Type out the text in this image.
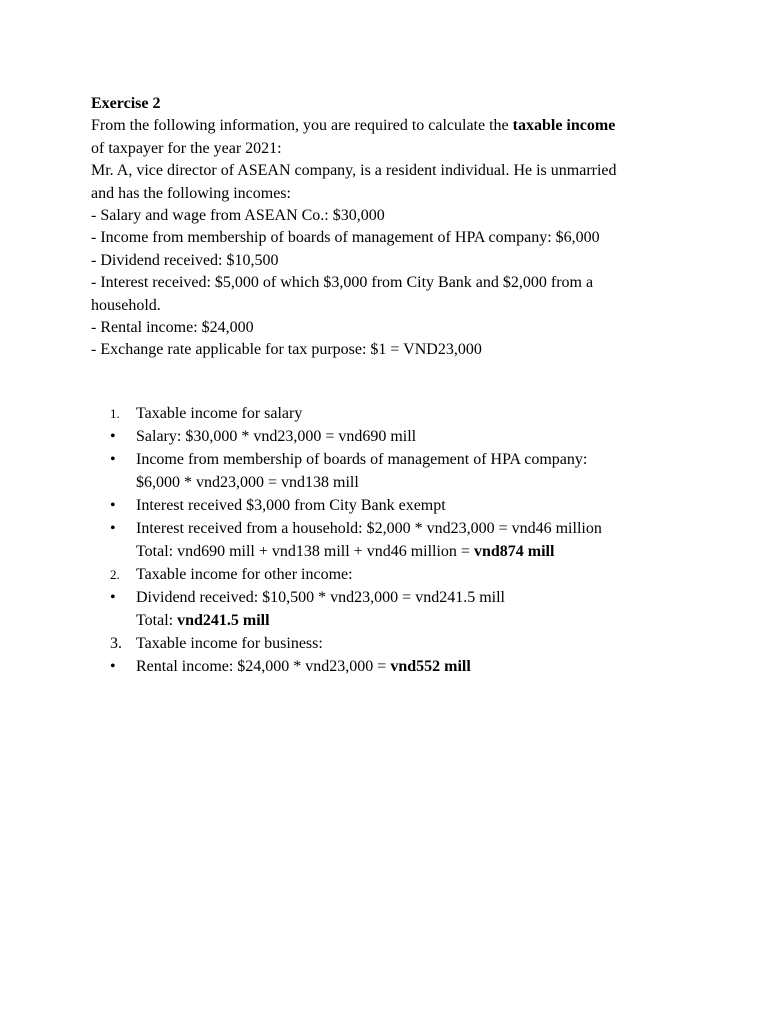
Exercise 2
From the following information, you are required to calculate the taxable income
of taxpayer for the year 2021:
Mr. A, vice director of ASEAN company, is a resident individual. He is unmarried
and has the following incomes:
- Salary and wage from ASEAN Co.: $30,000
- Income from membership of boards of management of HPA company: $6,000
- Dividend received: $10,500
- Interest received: $5,000 of which $3,000 from City Bank and $2,000 from a
household.
- Rental income: $24,000
- Exchange rate applicable for tax purpose: $1 = VND23,000
1.	Taxable income for salary
•	Salary: $30,000 * vnd23,000 = vnd690 mill
•	Income from membership of boards of management of HPA company:
$6,000 * vnd23,000 = vnd138 mill
•	Interest received $3,000 from City Bank exempt
•	Interest received from a household: $2,000 * vnd23,000 = vnd46 million
Total: vnd690 mill + vnd138 mill + vnd46 million = vnd874 mill
2.	Taxable income for other income:
•	Dividend received: $10,500 * vnd23,000 = vnd241.5 mill
Total: vnd241.5 mill
3. Taxable income for business:
•	Rental income: $24,000 * vnd23,000 = vnd552 mill
